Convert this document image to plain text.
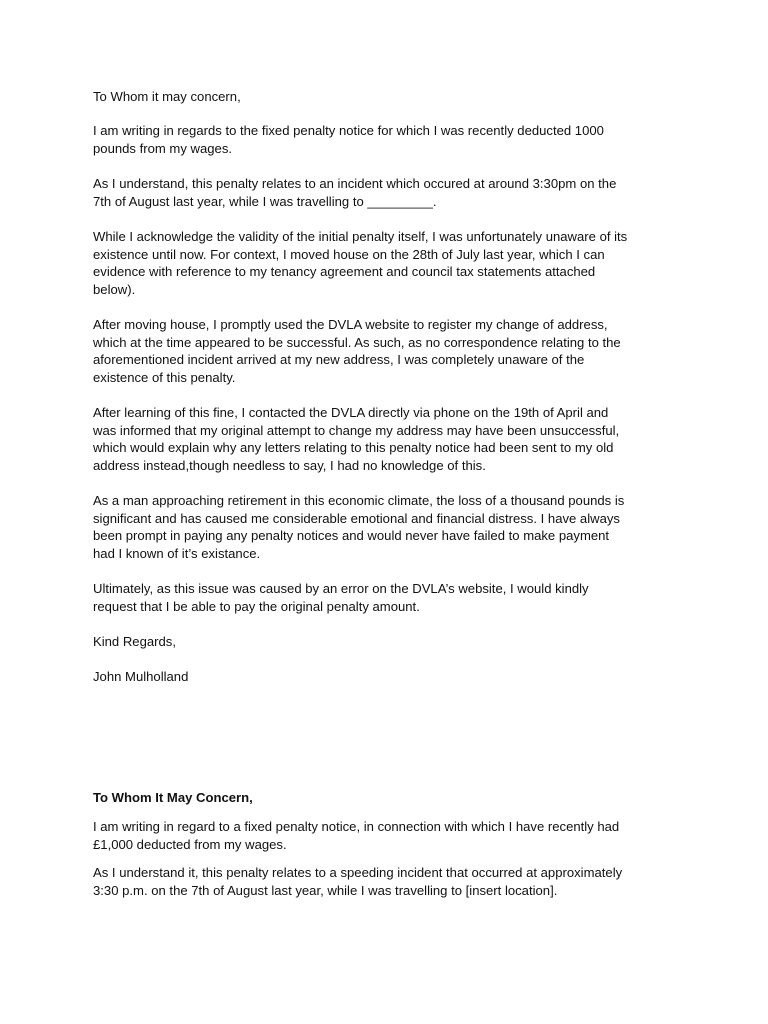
To Whom it may concern,

I am writing in regards to the fixed penalty notice for which I was recently deducted 1000
pounds from my wages.

As I understand, this penalty relates to an incident which occured at around 3:30pm on the
7th of August last year, while I was travelling to _________.

While I acknowledge the validity of the initial penalty itself, I was unfortunately unaware of its
existence until now. For context, I moved house on the 28th of July last year, which I can
evidence with reference to my tenancy agreement and council tax statements attached
below).

After moving house, I promptly used the DVLA website to register my change of address,
which at the time appeared to be successful. As such, as no correspondence relating to the
aforementioned incident arrived at my new address, I was completely unaware of the
existence of this penalty.

After learning of this fine, I contacted the DVLA directly via phone on the 19th of April and
was informed that my original attempt to change my address may have been unsuccessful,
which would explain why any letters relating to this penalty notice had been sent to my old
address instead,though needless to say, I had no knowledge of this.

As a man approaching retirement in this economic climate, the loss of a thousand pounds is
significant and has caused me considerable emotional and financial distress. I have always
been prompt in paying any penalty notices and would never have failed to make payment
had I known of it’s existance.

Ultimately, as this issue was caused by an error on the DVLA’s website, I would kindly
request that I be able to pay the original penalty amount.

Kind Regards,

John Mulholland

To Whom It May Concern,

I am writing in regard to a fixed penalty notice, in connection with which I have recently had
£1,000 deducted from my wages.

As I understand it, this penalty relates to a speeding incident that occurred at approximately
3:30 p.m. on the 7th of August last year, while I was travelling to [insert location].
